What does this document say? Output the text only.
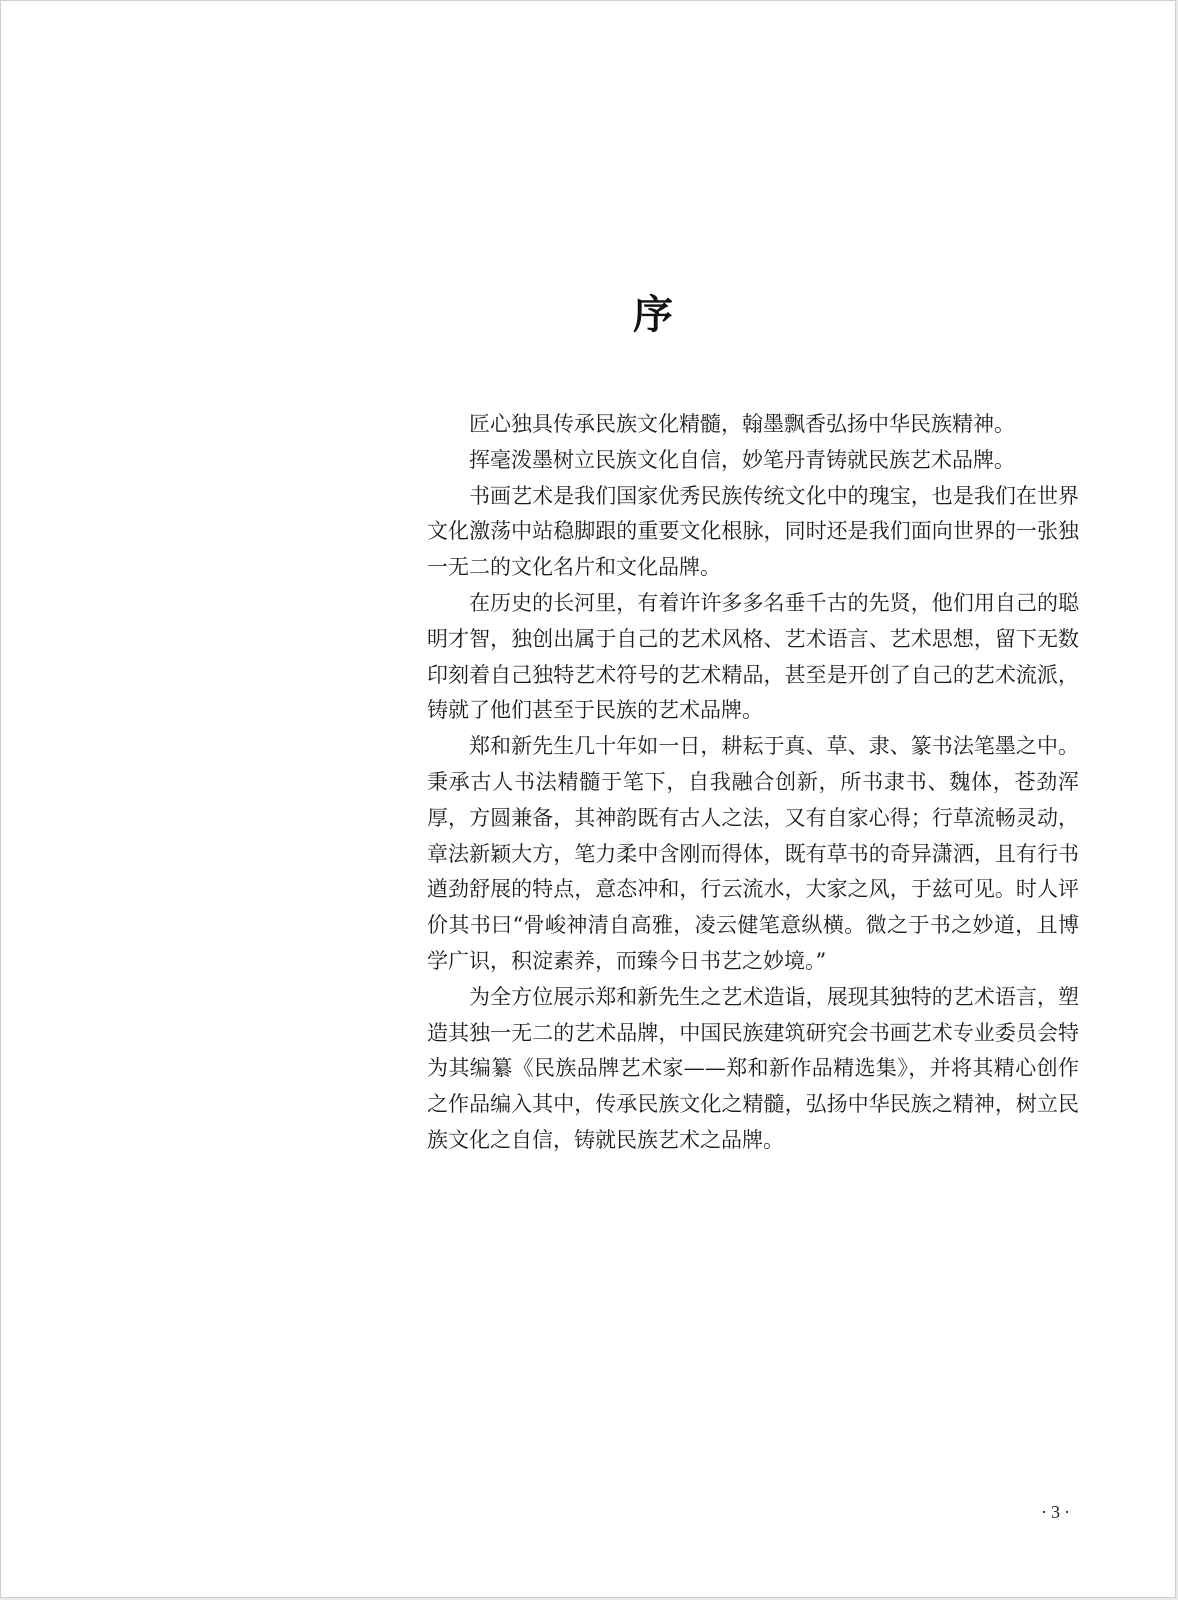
序

匠心独具传承民族文化精髓，翰墨飘香弘扬中华民族精神。

挥毫泼墨树立民族文化自信，妙笔丹青铸就民族艺术品牌。

书画艺术是我们国家优秀民族传统文化中的瑰宝，也是我们在世界文化激荡中站稳脚跟的重要文化根脉，同时还是我们面向世界的一张独一无二的文化名片和文化品牌。

在历史的长河里，有着许许多多名垂千古的先贤，他们用自己的聪明才智，独创出属于自己的艺术风格、艺术语言、艺术思想，留下无数印刻着自己独特艺术符号的艺术精品，甚至是开创了自己的艺术流派，铸就了他们甚至于民族的艺术品牌。

郑和新先生几十年如一日，耕耘于真、草、隶、篆书法笔墨之中。秉承古人书法精髓于笔下，自我融合创新，所书隶书、魏体，苍劲浑厚，方圆兼备，其神韵既有古人之法，又有自家心得；行草流畅灵动，章法新颖大方，笔力柔中含刚而得体，既有草书的奇异潇洒，且有行书遒劲舒展的特点，意态冲和，行云流水，大家之风，于兹可见。时人评价其书曰“骨峻神清自高雅，凌云健笔意纵横。微之于书之妙道，且博学广识，积淀素养，而臻今日书艺之妙境。”

为全方位展示郑和新先生之艺术造诣，展现其独特的艺术语言，塑造其独一无二的艺术品牌，中国民族建筑研究会书画艺术专业委员会特为其编纂《民族品牌艺术家——郑和新作品精选集》，并将其精心创作之作品编入其中，传承民族文化之精髓，弘扬中华民族之精神，树立民族文化之自信，铸就民族艺术之品牌。

·3·
